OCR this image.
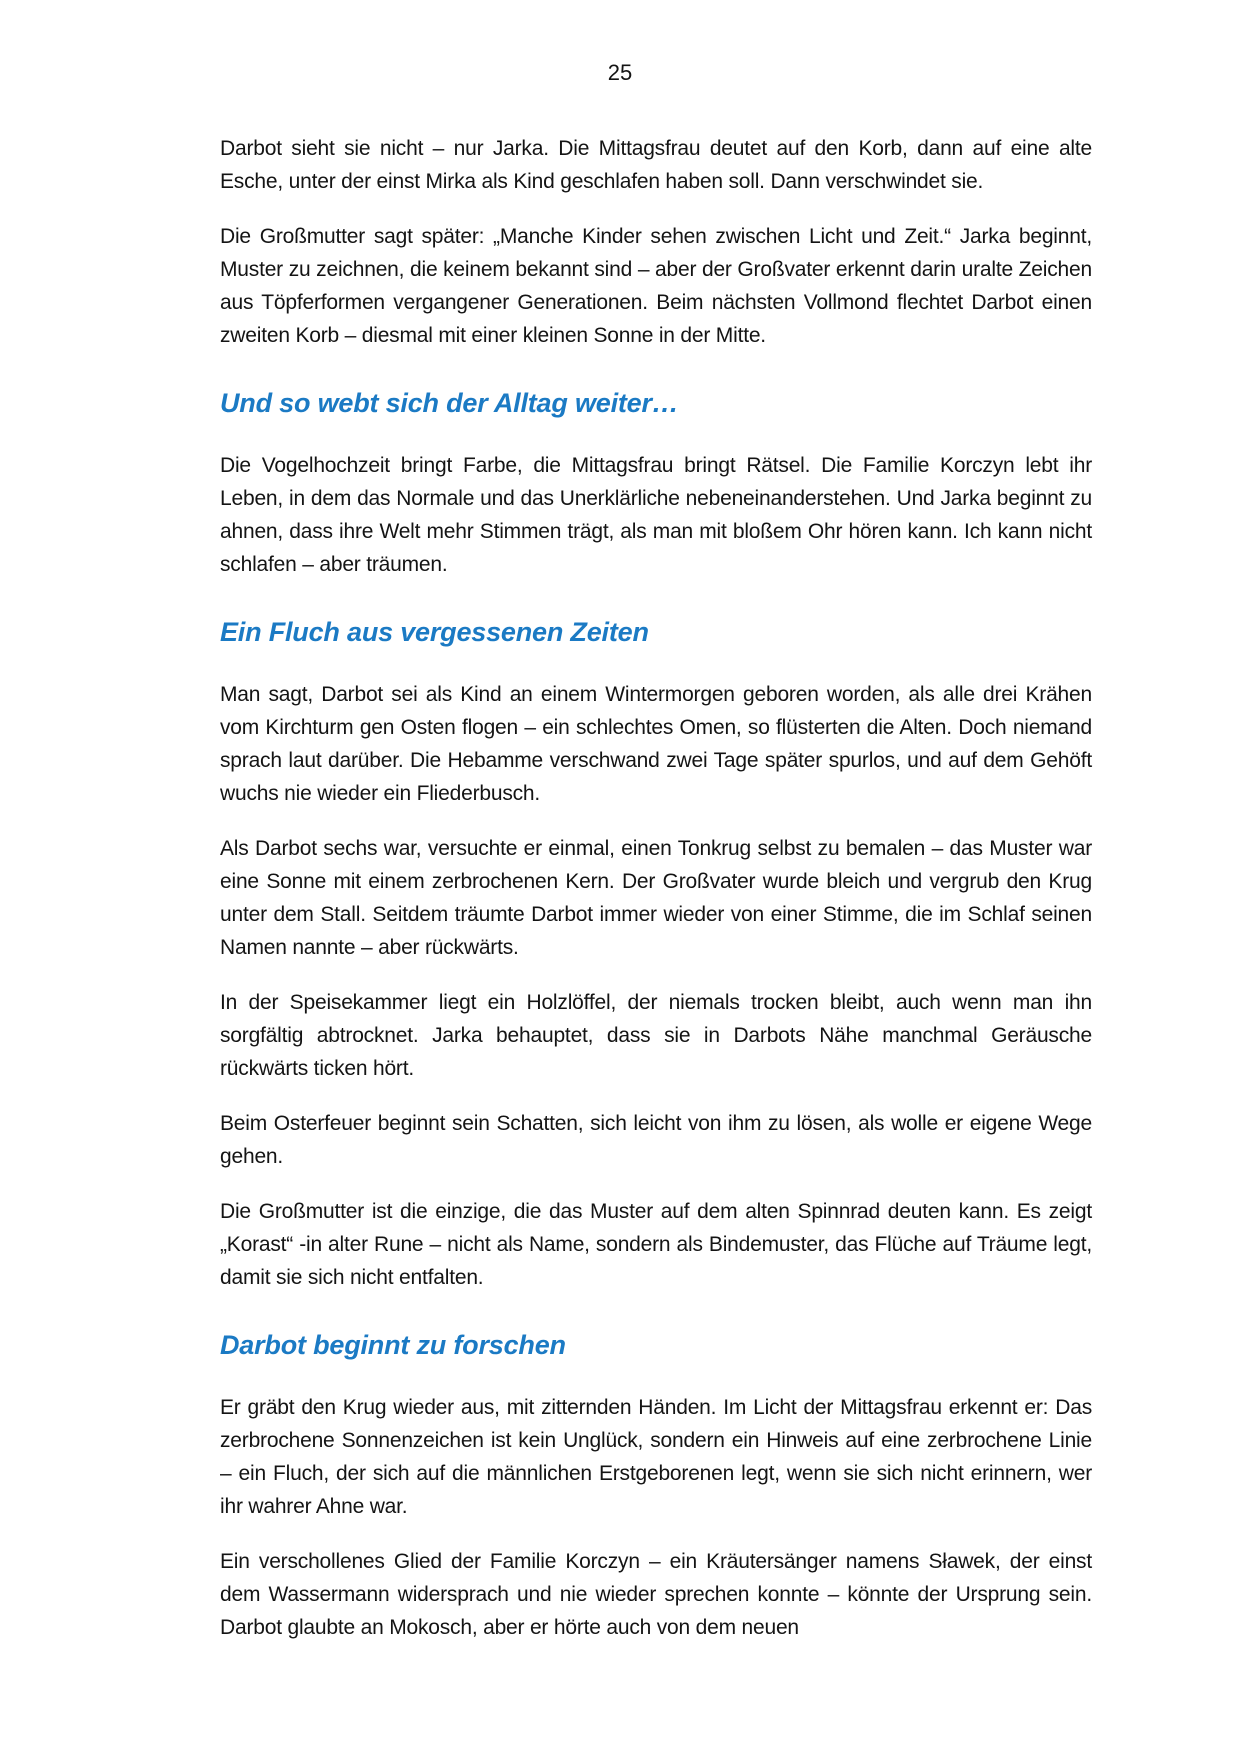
25

Darbot sieht sie nicht – nur Jarka. Die Mittagsfrau deutet auf den Korb, dann auf eine alte Esche, unter der einst Mirka als Kind geschlafen haben soll. Dann verschwindet sie.

Die Großmutter sagt später: „Manche Kinder sehen zwischen Licht und Zeit.“ Jarka beginnt, Muster zu zeichnen, die keinem bekannt sind – aber der Großvater erkennt darin uralte Zeichen aus Töpferformen vergangener Generationen. Beim nächsten Vollmond flechtet Darbot einen zweiten Korb – diesmal mit einer kleinen Sonne in der Mitte.

Und so webt sich der Alltag weiter…

Die Vogelhochzeit bringt Farbe, die Mittagsfrau bringt Rätsel. Die Familie Korczyn lebt ihr Leben, in dem das Normale und das Unerklärliche nebeneinanderstehen. Und Jarka beginnt zu ahnen, dass ihre Welt mehr Stimmen trägt, als man mit bloßem Ohr hören kann. Ich kann nicht schlafen – aber träumen.

Ein Fluch aus vergessenen Zeiten

Man sagt, Darbot sei als Kind an einem Wintermorgen geboren worden, als alle drei Krähen vom Kirchturm gen Osten flogen – ein schlechtes Omen, so flüsterten die Alten. Doch niemand sprach laut darüber. Die Hebamme verschwand zwei Tage später spurlos, und auf dem Gehöft wuchs nie wieder ein Fliederbusch.

Als Darbot sechs war, versuchte er einmal, einen Tonkrug selbst zu bemalen – das Muster war eine Sonne mit einem zerbrochenen Kern. Der Großvater wurde bleich und vergrub den Krug unter dem Stall. Seitdem träumte Darbot immer wieder von einer Stimme, die im Schlaf seinen Namen nannte – aber rückwärts.

In der Speisekammer liegt ein Holzlöffel, der niemals trocken bleibt, auch wenn man ihn sorgfältig abtrocknet. Jarka behauptet, dass sie in Darbots Nähe manchmal Geräusche rückwärts ticken hört.

Beim Osterfeuer beginnt sein Schatten, sich leicht von ihm zu lösen, als wolle er eigene Wege gehen.

Die Großmutter ist die einzige, die das Muster auf dem alten Spinnrad deuten kann. Es zeigt „Korast“ -in alter Rune – nicht als Name, sondern als Bindemuster, das Flüche auf Träume legt, damit sie sich nicht entfalten.

Darbot beginnt zu forschen

Er gräbt den Krug wieder aus, mit zitternden Händen. Im Licht der Mittagsfrau erkennt er: Das zerbrochene Sonnenzeichen ist kein Unglück, sondern ein Hinweis auf eine zerbrochene Linie – ein Fluch, der sich auf die männlichen Erstgeborenen legt, wenn sie sich nicht erinnern, wer ihr wahrer Ahne war.

Ein verschollenes Glied der Familie Korczyn – ein Kräutersänger namens Sławek, der einst dem Wassermann widersprach und nie wieder sprechen konnte – könnte der Ursprung sein. Darbot glaubte an Mokosch, aber er hörte auch von dem neuen
